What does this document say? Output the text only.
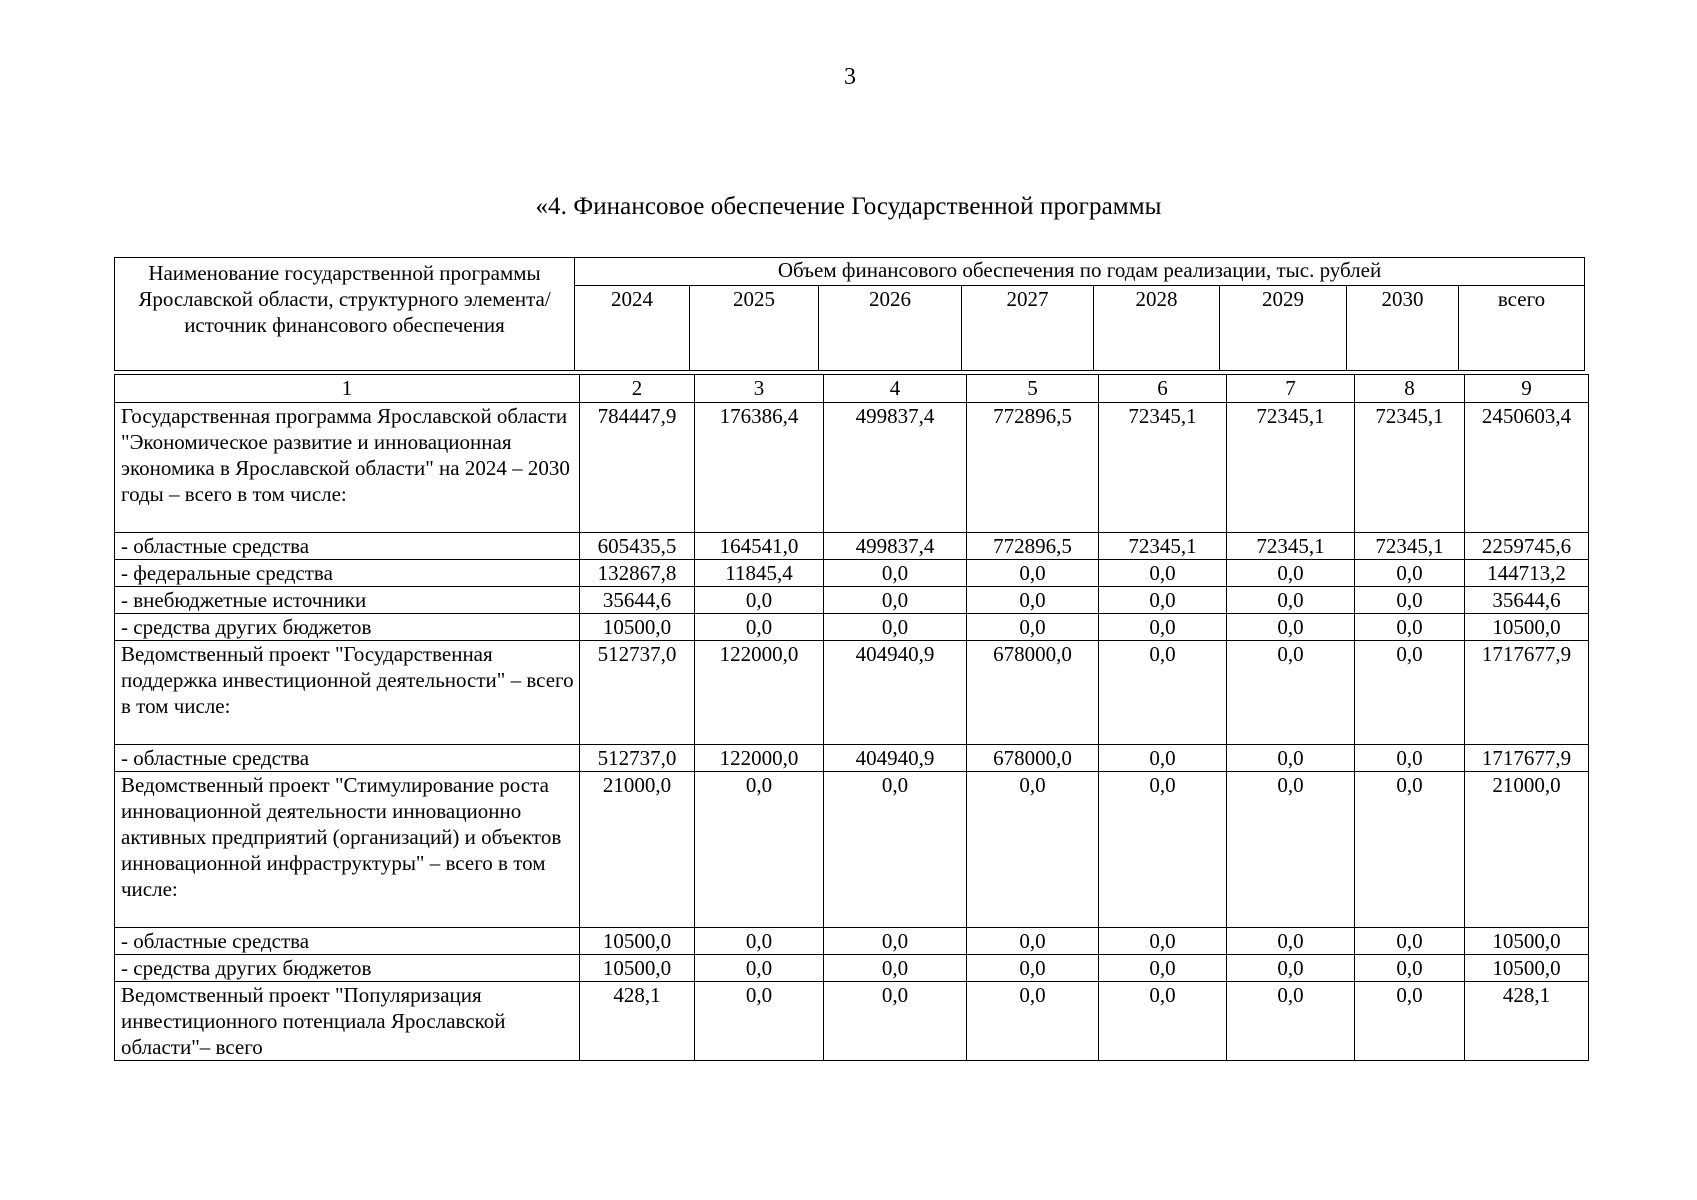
3
«4. Финансовое обеспечение Государственной программы
Наименование государственной программы Ярославской области, структурного элемента/ источник финансового обеспечения	Объем финансового обеспечения по годам реализации, тыс. рублей							
	2024	2025	2026	2027	2028	2029	2030	всего
1	2	3	4	5	6	7	8	9
Государственная программа Ярославской области "Экономическое развитие и инновационная экономика в Ярославской области" на 2024 – 2030 годы – всего в том числе:	784447,9	176386,4	499837,4	772896,5	72345,1	72345,1	72345,1	2450603,4
- областные средства	605435,5	164541,0	499837,4	772896,5	72345,1	72345,1	72345,1	2259745,6
- федеральные средства	132867,8	11845,4	0,0	0,0	0,0	0,0	0,0	144713,2
- внебюджетные источники	35644,6	0,0	0,0	0,0	0,0	0,0	0,0	35644,6
- средства других бюджетов	10500,0	0,0	0,0	0,0	0,0	0,0	0,0	10500,0
Ведомственный проект "Государственная поддержка инвестиционной деятельности" – всего в том числе:	512737,0	122000,0	404940,9	678000,0	0,0	0,0	0,0	1717677,9
- областные средства	512737,0	122000,0	404940,9	678000,0	0,0	0,0	0,0	1717677,9
Ведомственный проект "Стимулирование роста инновационной деятельности инновационно активных предприятий (организаций) и объектов инновационной инфраструктуры" – всего в том числе:	21000,0	0,0	0,0	0,0	0,0	0,0	0,0	21000,0
- областные средства	10500,0	0,0	0,0	0,0	0,0	0,0	0,0	10500,0
- средства других бюджетов	10500,0	0,0	0,0	0,0	0,0	0,0	0,0	10500,0
Ведомственный проект "Популяризация инвестиционного потенциала Ярославской области"– всего	428,1	0,0	0,0	0,0	0,0	0,0	0,0	428,1
